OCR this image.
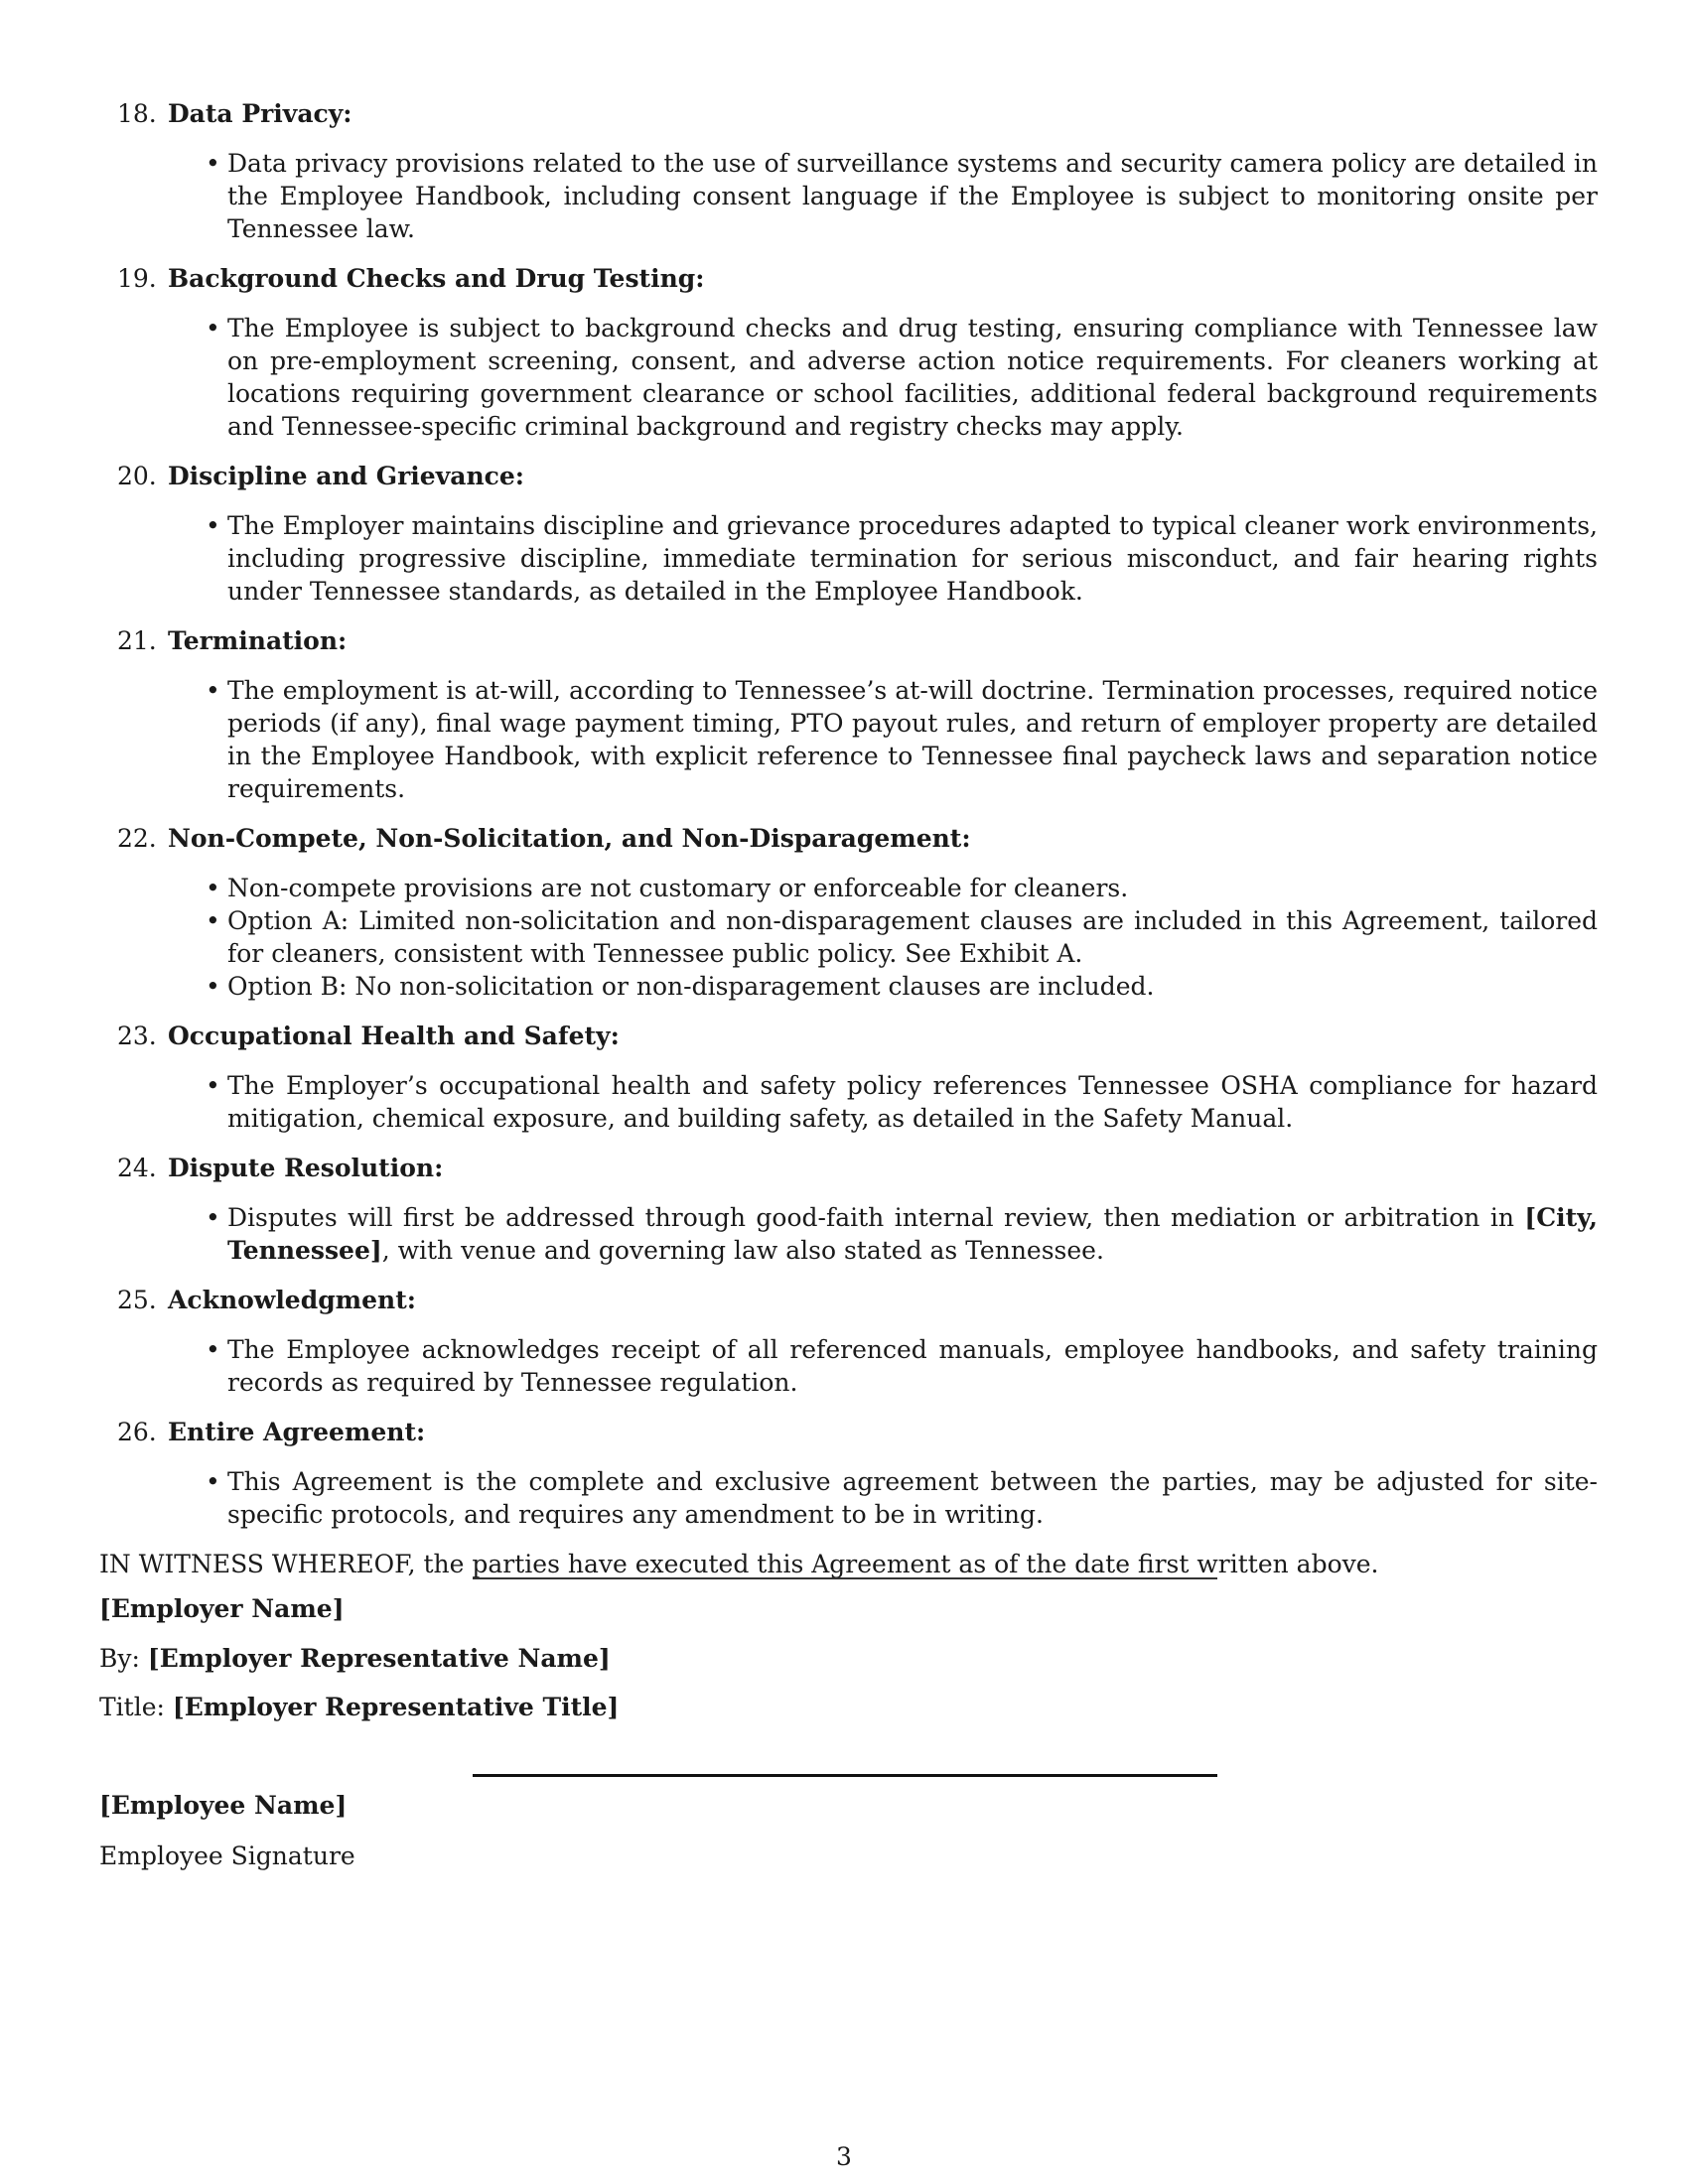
18. Data Privacy:
• Data privacy provisions related to the use of surveillance systems and security camera policy are detailed in the Employee Handbook, including consent language if the Employee is subject to monitoring onsite per Tennessee law.
19. Background Checks and Drug Testing:
• The Employee is subject to background checks and drug testing, ensuring compliance with Tennessee law on pre-employment screening, consent, and adverse action notice requirements. For cleaners working at locations requiring government clearance or school facilities, additional federal background requirements and Tennessee-specific criminal background and registry checks may apply.
20. Discipline and Grievance:
• The Employer maintains discipline and grievance procedures adapted to typical cleaner work environments, including progressive discipline, immediate termination for serious misconduct, and fair hearing rights under Tennessee standards, as detailed in the Employee Handbook.
21. Termination:
• The employment is at-will, according to Tennessee’s at-will doctrine. Termination processes, required notice periods (if any), final wage payment timing, PTO payout rules, and return of employer property are detailed in the Employee Handbook, with explicit reference to Tennessee final paycheck laws and separation notice requirements.
22. Non-Compete, Non-Solicitation, and Non-Disparagement:
• Non-compete provisions are not customary or enforceable for cleaners.
• Option A: Limited non-solicitation and non-disparagement clauses are included in this Agreement, tailored for cleaners, consistent with Tennessee public policy. See Exhibit A.
• Option B: No non-solicitation or non-disparagement clauses are included.
23. Occupational Health and Safety:
• The Employer’s occupational health and safety policy references Tennessee OSHA compliance for hazard mitigation, chemical exposure, and building safety, as detailed in the Safety Manual.
24. Dispute Resolution:
• Disputes will first be addressed through good-faith internal review, then mediation or arbitration in [City, Tennessee], with venue and governing law also stated as Tennessee.
25. Acknowledgment:
• The Employee acknowledges receipt of all referenced manuals, employee handbooks, and safety training records as required by Tennessee regulation.
26. Entire Agreement:
• This Agreement is the complete and exclusive agreement between the parties, may be adjusted for site-specific protocols, and requires any amendment to be in writing.

IN WITNESS WHEREOF, the parties have executed this Agreement as of the date first written above.

[Employer Name]
By: [Employer Representative Name]
Title: [Employer Representative Title]
[Employee Name]
Employee Signature
3
